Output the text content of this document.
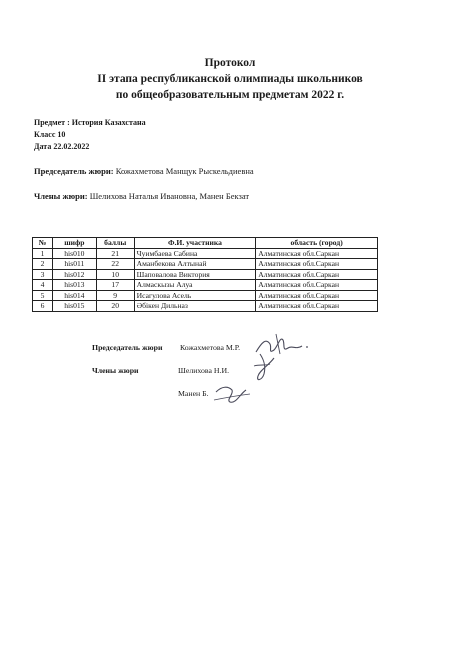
Протокол
II этапа республиканской олимпиады школьников
по общеобразовательным предметам 2022 г.
Предмет : История Казахстана
Класс 10
Дата 22.02.2022
Председатель жюри: Кожахметова Манщук Рыскельдиевна
Члены жюри: Шелихова Наталья Ивановна, Манен Бекзат
№	шифр	баллы	Ф.И. участника	область (город)
1	his010	21	Чуимбаева Сабина	Алматинская обл.Саркан
2	his011	22	Аманбекова Алтынай	Алматинская обл.Саркан
3	his012	10	Шаповалова Виктория	Алматинская обл.Саркан
4	his013	17	Алмаскызы Алуа	Алматинская обл.Саркан
5	his014	9	Исагулова Асель	Алматинская обл.Саркан
6	his015	20	Әбікен Дильназ	Алматинская обл.Саркан
Председатель жюри Кожахметова М.Р.
Члены жюри	Шелихова Н.И.
Манен Б.
